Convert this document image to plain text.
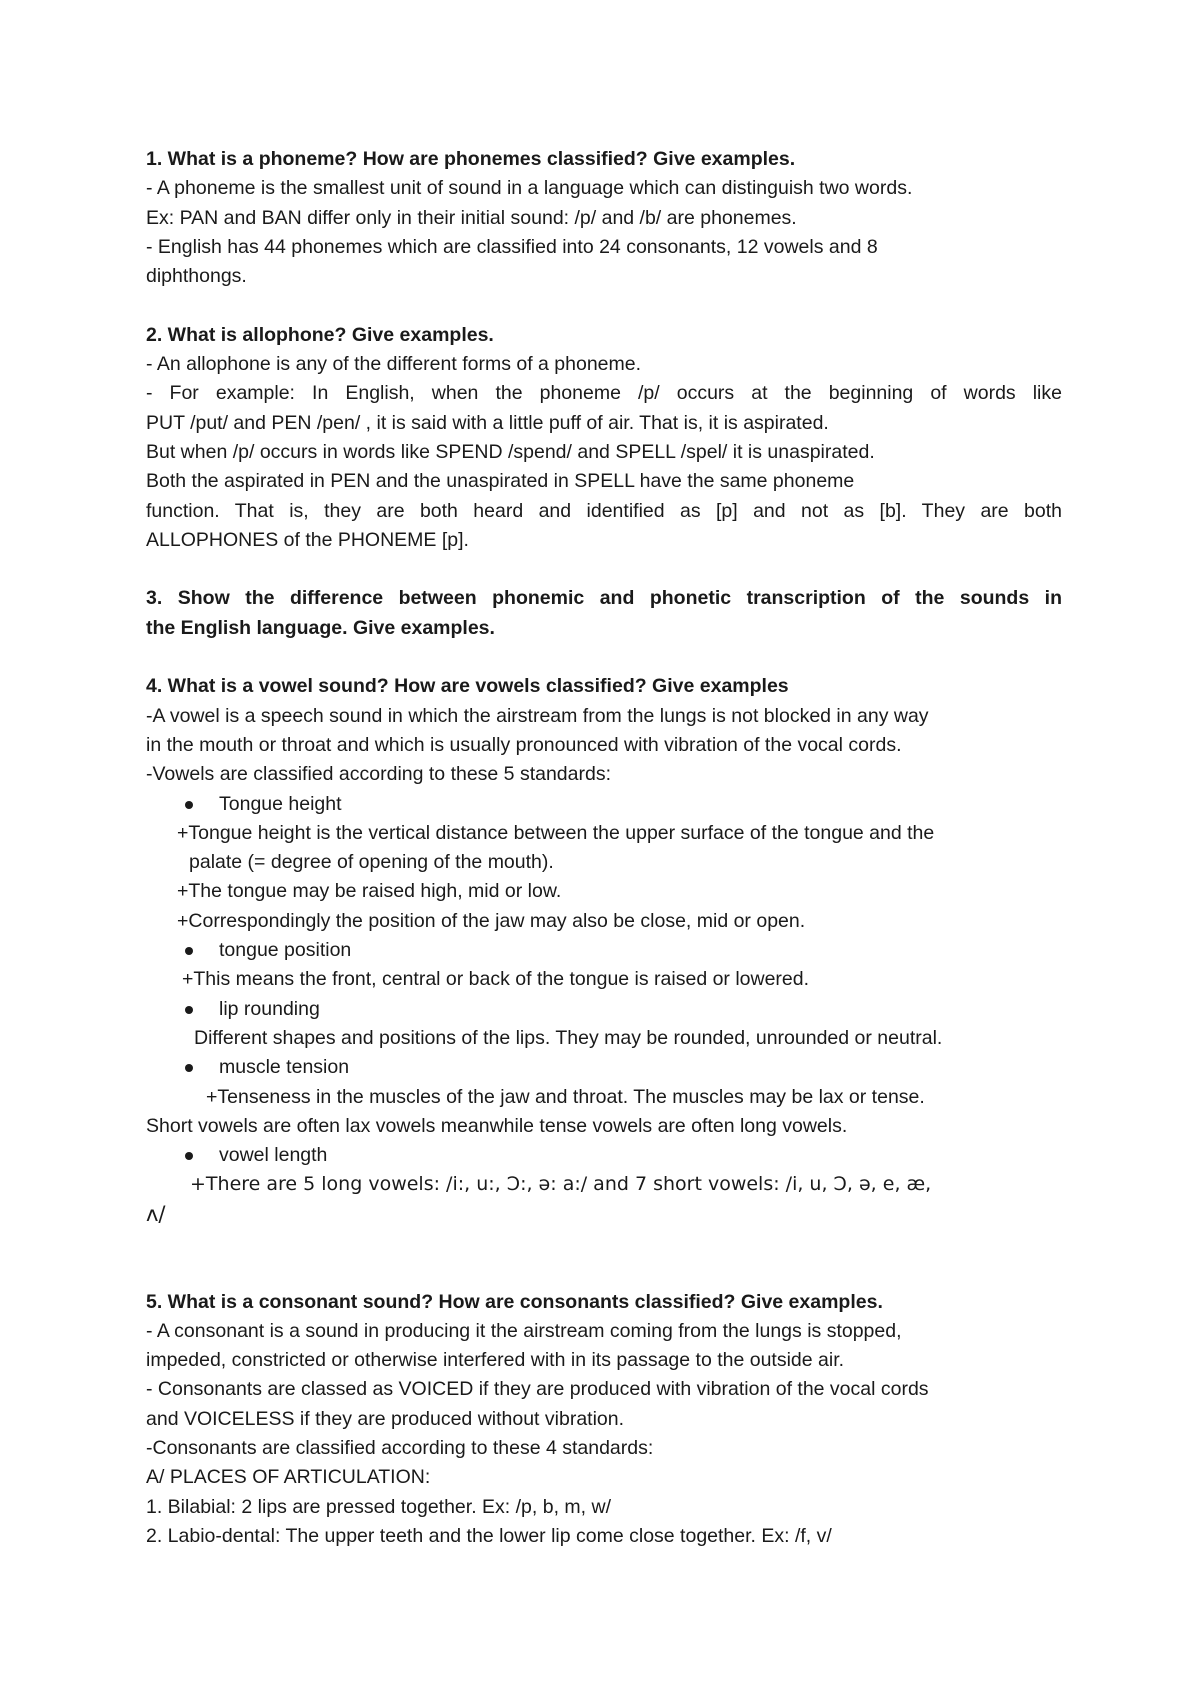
1. What is a phoneme? How are phonemes classified? Give examples.
- A phoneme is the smallest unit of sound in a language which can distinguish two words.
Ex: PAN and BAN differ only in their initial sound: /p/ and /b/ are phonemes.
- English has 44 phonemes which are classified into 24 consonants, 12 vowels and 8
diphthongs.
2. What is allophone? Give examples.
- An allophone is any of the different forms of a phoneme.
- For example: In English, when the phoneme /p/ occurs at the beginning of words like
PUT /put/ and PEN /pen/ , it is said with a little puff of air. That is, it is aspirated.
But when /p/ occurs in words like SPEND /spend/ and SPELL /spel/ it is unaspirated.
Both the aspirated in PEN and the unaspirated in SPELL have the same phoneme
function. That is, they are both heard and identified as [p] and not as [b]. They are both
ALLOPHONES of the PHONEME [p].
3. Show the difference between phonemic and phonetic transcription of the sounds in
the English language. Give examples.
4. What is a vowel sound? How are vowels classified? Give examples
-A vowel is a speech sound in which the airstream from the lungs is not blocked in any way
in the mouth or throat and which is usually pronounced with vibration of the vocal cords.
-Vowels are classified according to these 5 standards:
Tongue height
+Tongue height is the vertical distance between the upper surface of the tongue and the
palate (= degree of opening of the mouth).
+The tongue may be raised high, mid or low.
+Correspondingly the position of the jaw may also be close, mid or open.
tongue position
+This means the front, central or back of the tongue is raised or lowered.
lip rounding
Different shapes and positions of the lips. They may be rounded, unrounded or neutral.
muscle tension
+Tenseness in the muscles of the jaw and throat. The muscles may be lax or tense.
Short vowels are often lax vowels meanwhile tense vowels are often long vowels.
vowel length
+There are 5 long vowels: /i:, u:, Ɔ:, ə: a:/ and 7 short vowels: /i, u, Ɔ, ə, e, æ,
ʌ/
5. What is a consonant sound? How are consonants classified? Give examples.
- A consonant is a sound in producing it the airstream coming from the lungs is stopped,
impeded, constricted or otherwise interfered with in its passage to the outside air.
- Consonants are classed as VOICED if they are produced with vibration of the vocal cords
and VOICELESS if they are produced without vibration.
-Consonants are classified according to these 4 standards:
A/ PLACES OF ARTICULATION:
1. Bilabial: 2 lips are pressed together. Ex: /p, b, m, w/
2. Labio-dental: The upper teeth and the lower lip come close together. Ex: /f, v/
